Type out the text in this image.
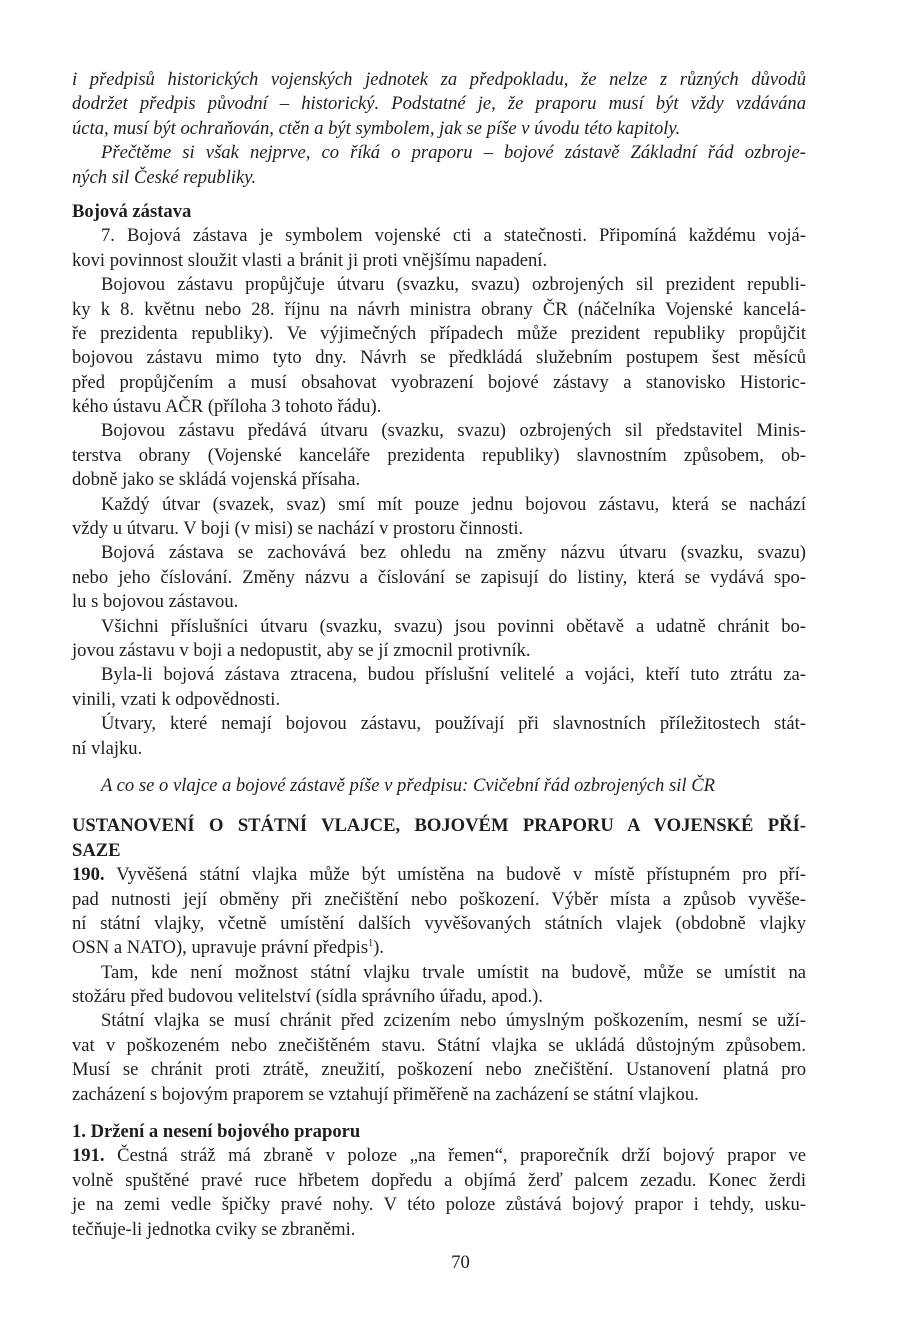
i předpisů historických vojenských jednotek za předpokladu, že nelze z různých důvodů
dodržet předpis původní – historický. Podstatné je, že praporu musí být vždy vzdávána
úcta, musí být ochraňován, ctěn a být symbolem, jak se píše v úvodu této kapitoly.
Přečtěme si však nejprve, co říká o praporu – bojové zástavě Základní řád ozbroje-
ných sil České republiky.
Bojová zástava
7. Bojová zástava je symbolem vojenské cti a statečnosti. Připomíná každému vojá-
kovi povinnost sloužit vlasti a bránit ji proti vnějšímu napadení.
Bojovou zástavu propůjčuje útvaru (svazku, svazu) ozbrojených sil prezident republi-
ky k 8. květnu nebo 28. říjnu na návrh ministra obrany ČR (náčelníka Vojenské kancelá-
ře prezidenta republiky). Ve výjimečných případech může prezident republiky propůjčit
bojovou zástavu mimo tyto dny. Návrh se předkládá služebním postupem šest měsíců
před propůjčením a musí obsahovat vyobrazení bojové zástavy a stanovisko Historic-
kého ústavu AČR (příloha 3 tohoto řádu).
Bojovou zástavu předává útvaru (svazku, svazu) ozbrojených sil představitel Minis-
terstva obrany (Vojenské kanceláře prezidenta republiky) slavnostním způsobem, ob-
dobně jako se skládá vojenská přísaha.
Každý útvar (svazek, svaz) smí mít pouze jednu bojovou zástavu, která se nachází
vždy u útvaru. V boji (v misi) se nachází v prostoru činnosti.
Bojová zástava se zachovává bez ohledu na změny názvu útvaru (svazku, svazu)
nebo jeho číslování. Změny názvu a číslování se zapisují do listiny, která se vydává spo-
lu s bojovou zástavou.
Všichni příslušníci útvaru (svazku, svazu) jsou povinni obětavě a udatně chránit bo-
jovou zástavu v boji a nedopustit, aby se jí zmocnil protivník.
Byla-li bojová zástava ztracena, budou příslušní velitelé a vojáci, kteří tuto ztrátu za-
vinili, vzati k odpovědnosti.
Útvary, které nemají bojovou zástavu, používají při slavnostních příležitostech stát-
ní vlajku.
A co se o vlajce a bojové zástavě píše v předpisu: Cvičební řád ozbrojených sil ČR
USTANOVENÍ O STÁTNÍ VLAJCE, BOJOVÉM PRAPORU A VOJENSKÉ PŘÍ-
SAZE
190. Vyvěšená státní vlajka může být umístěna na budově v místě přístupném pro pří-
pad nutnosti její obměny při znečištění nebo poškození. Výběr místa a způsob vyvěše-
ní státní vlajky, včetně umístění dalších vyvěšovaných státních vlajek (obdobně vlajky
OSN a NATO), upravuje právní předpis$^1$).
Tam, kde není možnost státní vlajku trvale umístit na budově, může se umístit na
stožáru před budovou velitelství (sídla správního úřadu, apod.).
Státní vlajka se musí chránit před zcizením nebo úmyslným poškozením, nesmí se uží-
vat v poškozeném nebo znečištěném stavu. Státní vlajka se ukládá důstojným způsobem.
Musí se chránit proti ztrátě, zneužití, poškození nebo znečištění. Ustanovení platná pro
zacházení s bojovým praporem se vztahují přiměřeně na zacházení se státní vlajkou.
1. Držení a nesení bojového praporu
191. Čestná stráž má zbraně v poloze „na řemen“, praporečník drží bojový prapor ve
volně spuštěné pravé ruce hřbetem dopředu a objímá žerď palcem zezadu. Konec žerdi
je na zemi vedle špičky pravé nohy. V této poloze zůstává bojový prapor i tehdy, usku-
tečňuje-li jednotka cviky se zbraněmi.
70
